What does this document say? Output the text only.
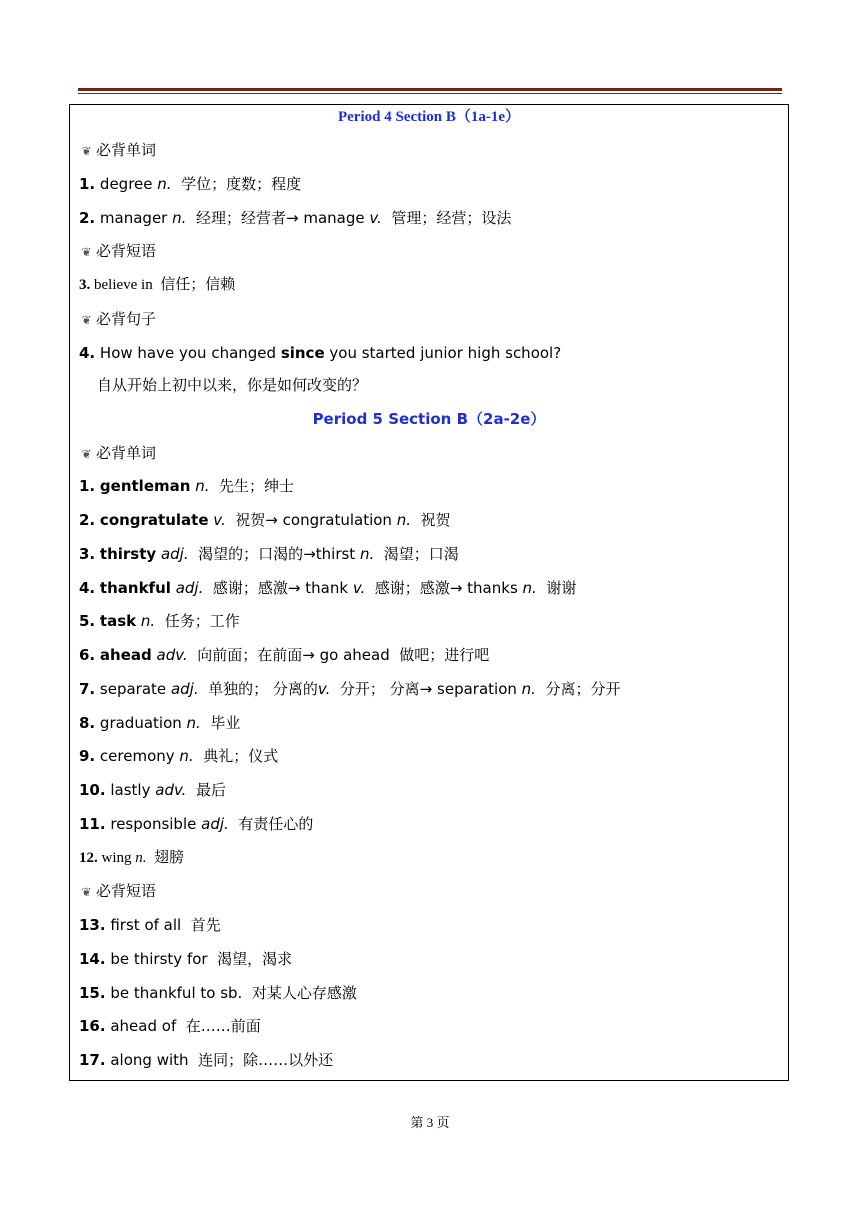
Period 4 Section B（1a-1e）
❦ 必背单词
1. degree n. 学位；度数；程度
2. manager n. 经理；经营者→ manage v. 管理；经营；设法
❦ 必背短语
3. believe in 信任；信赖
❦ 必背句子
4. How have you changed since you started junior high school?
自从开始上初中以来，你是如何改变的？
Period 5 Section B（2a-2e）
❦ 必背单词
1. gentleman n. 先生；绅士
2. congratulate v. 祝贺→ congratulation n. 祝贺
3. thirsty adj. 渴望的；口渴的→thirst n. 渴望；口渴
4. thankful adj. 感谢；感激→ thank v. 感谢；感激→ thanks n. 谢谢
5. task n. 任务；工作
6. ahead adv. 向前面；在前面→ go ahead 做吧；进行吧
7. separate adj. 单独的； 分离的v. 分开； 分离→ separation n. 分离；分开
8. graduation n. 毕业
9. ceremony n. 典礼；仪式
10. lastly adv. 最后
11. responsible adj. 有责任心的
12. wing n. 翅膀
❦ 必背短语
13. first of all 首先
14. be thirsty for 渴望，渴求
15. be thankful to sb. 对某人心存感激
16. ahead of 在……前面
17. along with 连同；除……以外还
第 3 页
